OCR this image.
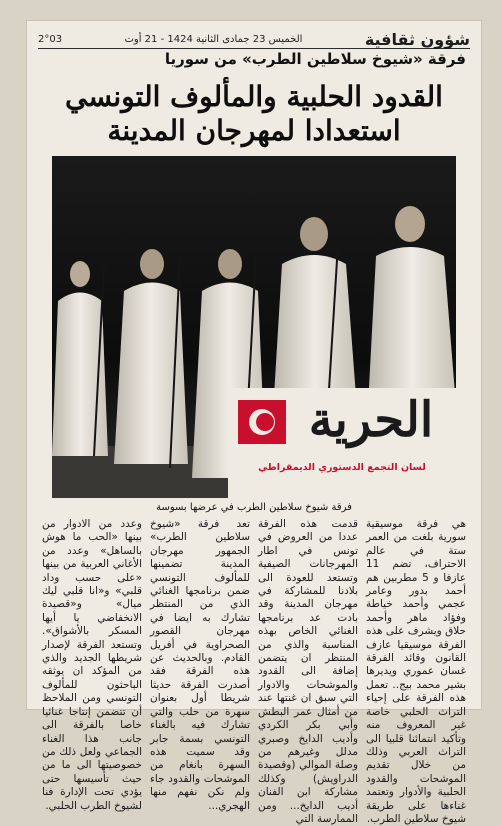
2°03	الخميس 23 جمادى الثانية 1424 - 21 أوت	شؤون ثقافية
فرقة «شيوخ سلاطين الطرب» من سوريا
القدود الحلبية والمألوف التونسي
استعدادا لمهرجان المدينة
الحرية
لسان التجمع الدستوري الديمقراطي
فرقة شيوخ سلاطين الطرب في عرضها بسوسة

هي فرقة موسيقية سورية بلغت من العمر ستة في عالم الاحتراف، تضم 11 عازفا و 5 مطربين هم أحمد بدور وعامر عجمي وأحمد خياطة وفؤاد ماهر وأحمد حلاق ويشرف على هذه الفرقة موسيقيا عازف القانون وقائد الفرقة غسان عموري ويديرها بشير محمد بيج.. تعمل هذه الفرقة على إحياء التراث الحلبي خاصة غير المعروف منه وتأكيد انتمائنا قلبيا الى التراث العربي وذلك من خلال تقديم الموشحات والقدود الحلبية والأدوار وتعتمد غناءها على طريقة شيوخ سلاطين الطرب.

قدمت هذه الفرقة عددا من العروض في تونس في اطار المهرجانات الصيفية وتستعد للعودة الى بلادنا للمشاركة في مهرجان المدينة وقد بادت عد برنامجها الغنائي الخاص بهذه المناسبة والذي من المنتظر ان يتضمن إضافة الى القدود والموشحات والادوار التي سبق ان غنتها عند من أمثال عمر البطش وأبي بكر الكردي وأديب الدايخ وصبري مدلل وغيرهم من وصلة الموالي (وقصيدة الدراويش) وكذلك مشاركة ابن الفنان أديب الدايخ... ومن الممارسة التي

تعد فرقة «شيوخ سلاطين الطرب» الجمهور مهرجان المدينة تضمينها للمألوف التونسي ضمن برنامجها الغنائي الذي من المنتظر تشارك به ايضا في مهرجان القصور الصحراوية في أفريل القادم. وبالحديث عن هذه الفرقة فقد أصدرت الفرقة حديثا شريطا أول بعنوان سهرة من حلب والتي تشارك فيه بالغناء التونسي بسمة جابر وقد سميت هذه السهرة بانغام من الموشحات والقدود جاء ولم نكن نفهم منها الهجري...

وعدد من الادوار من بينها «الحب ما هوش بالساهل» وعدد من الأغاني العربية من بينها «على حسب وداد قلبي» و«انا قلبي ليك ميال» و«قصيدة الانخفاضي يا أيها المسكر بالأشواق». وتستعد الفرقة لإصدار شريطها الجديد والذي من المؤكد ان يوثقه الباحثون للمألوف التونسي ومن الملاحظ أن تتضمن إنتاجا غنائيا خاصا بالفرقة الى جانب هذا الغناء الجماعي ولعل ذلك من خصوصيتها الى ما من حيث تأسيسها حتى يؤدي تحت الإدارة فنا لشيوخ الطرب الحلبي.
